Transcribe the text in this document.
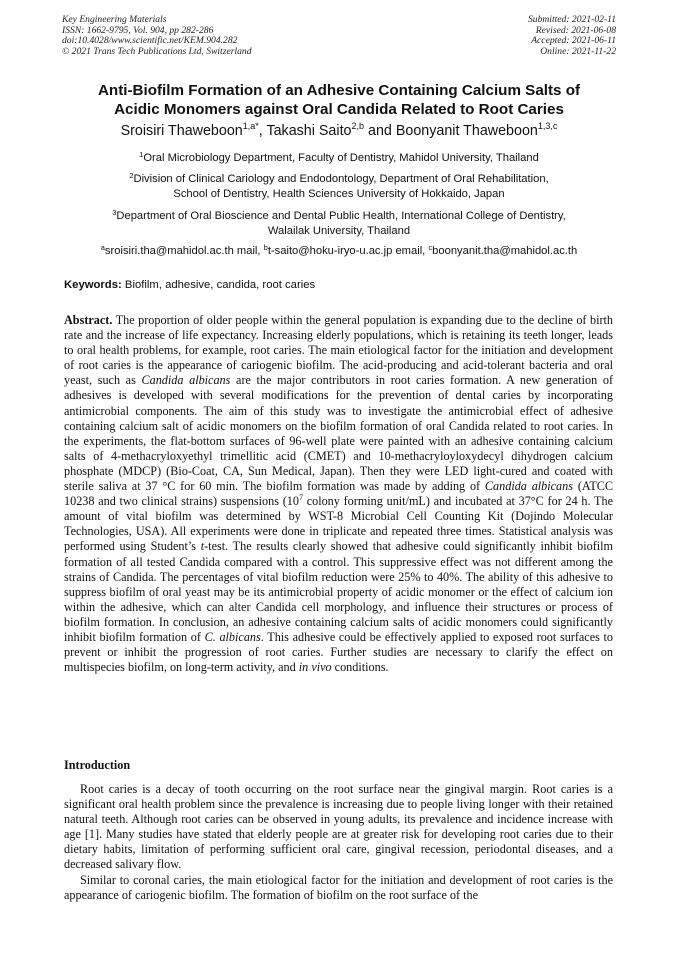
Key Engineering Materials
ISSN: 1662-9795, Vol. 904, pp 282-286
doi:10.4028/www.scientific.net/KEM.904.282
© 2021 Trans Tech Publications Ltd, Switzerland
Submitted: 2021-02-11
Revised: 2021-06-08
Accepted: 2021-06-11
Online: 2021-11-22
Anti-Biofilm Formation of an Adhesive Containing Calcium Salts of
Acidic Monomers against Oral Candida Related to Root Caries
Sroisiri Thaweboon$^{1,a*}$, Takashi Saito$^{2,b}$ and Boonyanit Thaweboon$^{1,3,c}$
$^1$Oral Microbiology Department, Faculty of Dentistry, Mahidol University, Thailand
$^2$Division of Clinical Cariology and Endodontology, Department of Oral Rehabilitation,
School of Dentistry, Health Sciences University of Hokkaido, Japan
$^3$Department of Oral Bioscience and Dental Public Health, International College of Dentistry,
Walailak University, Thailand
$^a$sroisiri.tha@mahidol.ac.th mail, $^b$t-saito@hoku-iryo-u.ac.jp email, $^c$boonyanit.tha@mahidol.ac.th
Keywords: Biofilm, adhesive, candida, root caries
Abstract. The proportion of older people within the general population is expanding due to the decline of birth rate and the increase of life expectancy. Increasing elderly populations, which is retaining its teeth longer, leads to oral health problems, for example, root caries. The main etiological factor for the initiation and development of root caries is the appearance of cariogenic biofilm. The acid-producing and acid-tolerant bacteria and oral yeast, such as Candida albicans are the major contributors in root caries formation. A new generation of adhesives is developed with several modifications for the prevention of dental caries by incorporating antimicrobial components. The aim of this study was to investigate the antimicrobial effect of adhesive containing calcium salt of acidic monomers on the biofilm formation of oral Candida related to root caries. In the experiments, the flat-bottom surfaces of 96-well plate were painted with an adhesive containing calcium salts of 4-methacryloxyethyl trimellitic acid (CMET) and 10-methacryloyloxydecyl dihydrogen calcium phosphate (MDCP) (Bio-Coat, CA, Sun Medical, Japan). Then they were LED light-cured and coated with sterile saliva at 37 °C for 60 min. The biofilm formation was made by adding of Candida albicans (ATCC 10238 and two clinical strains) suspensions ($10^7$ colony forming unit/mL) and incubated at 37°C for 24 h. The amount of vital biofilm was determined by WST-8 Microbial Cell Counting Kit (Dojindo Molecular Technologies, USA). All experiments were done in triplicate and repeated three times. Statistical analysis was performed using Student’s t-test. The results clearly showed that adhesive could significantly inhibit biofilm formation of all tested Candida compared with a control. This suppressive effect was not different among the strains of Candida. The percentages of vital biofilm reduction were 25% to 40%. The ability of this adhesive to suppress biofilm of oral yeast may be its antimicrobial property of acidic monomer or the effect of calcium ion within the adhesive, which can alter Candida cell morphology, and influence their structures or process of biofilm formation. In conclusion, an adhesive containing calcium salts of acidic monomers could significantly inhibit biofilm formation of C. albicans. This adhesive could be effectively applied to exposed root surfaces to prevent or inhibit the progression of root caries. Further studies are necessary to clarify the effect on multispecies biofilm, on long-term activity, and in vivo conditions.
Introduction

Root caries is a decay of tooth occurring on the root surface near the gingival margin. Root caries is a significant oral health problem since the prevalence is increasing due to people living longer with their retained natural teeth. Although root caries can be observed in young adults, its prevalence and incidence increase with age [1]. Many studies have stated that elderly people are at greater risk for developing root caries due to their dietary habits, limitation of performing sufficient oral care, gingival recession, periodontal diseases, and a decreased salivary flow.

Similar to coronal caries, the main etiological factor for the initiation and development of root caries is the appearance of cariogenic biofilm. The formation of biofilm on the root surface of the
